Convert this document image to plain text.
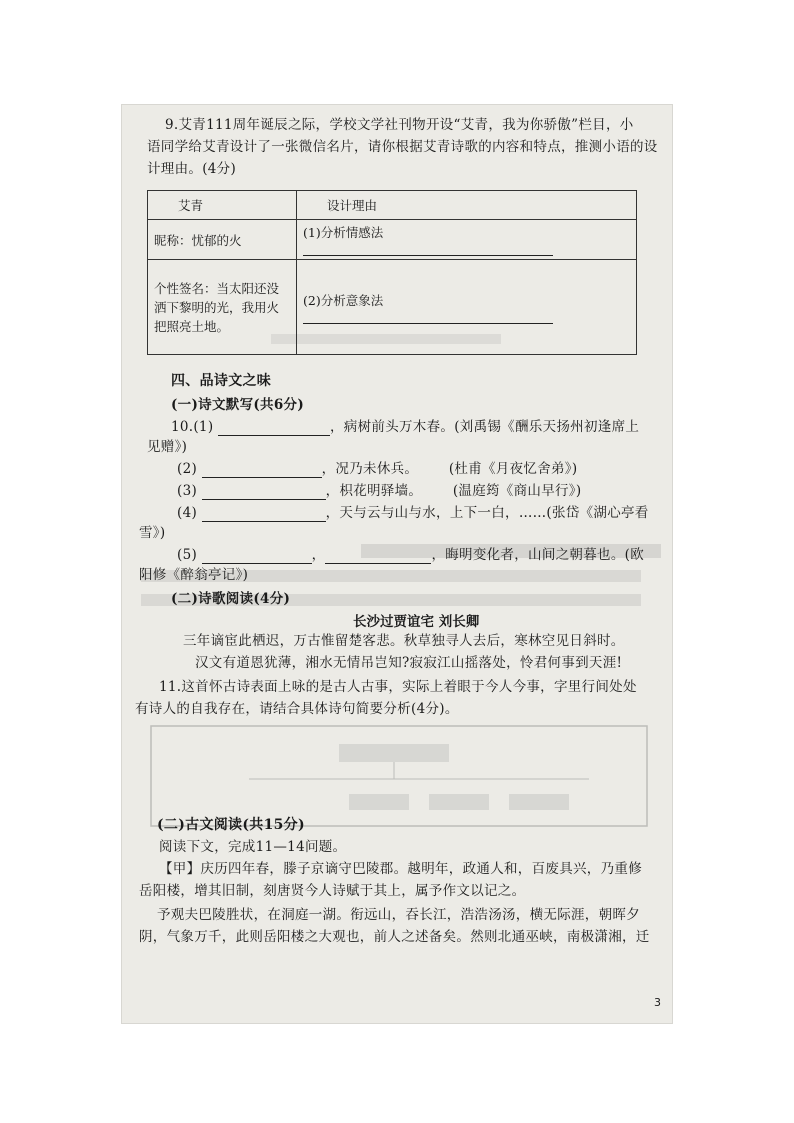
9.艾青111周年诞辰之际，学校文学社刊物开设“艾青，我为你骄傲”栏目，小
语同学给艾青设计了一张微信名片，请你根据艾青诗歌的内容和特点，推测小语的设
计理由。(4分)
艾青	设计理由
昵称：忧郁的火	(1)分析情感法
个性签名：当太阳还没洒下黎明的光，我用火把照亮土地。	(2)分析意象法
四、品诗文之味
(一)诗文默写(共6分)
10.(1)	，病树前头万木春。(刘禹锡《酬乐天扬州初逢席上
见赠》)
(2)	，况乃未休兵。 (杜甫《月夜忆舍弟》)
(3)	，枳花明驿墙。 (温庭筠《商山早行》)
(4)	，天与云与山与水，上下一白，……(张岱《湖心亭看
雪》)
(5)	，	，晦明变化者，山间之朝暮也。(欧
阳修《醉翁亭记》)
(二)诗歌阅读(4分)
长沙过贾谊宅 刘长卿
三年谪宦此栖迟，万古惟留楚客悲。秋草独寻人去后，寒林空见日斜时。
汉文有道恩犹薄，湘水无情吊岂知?寂寂江山摇落处，怜君何事到天涯!
11.这首怀古诗表面上咏的是古人古事，实际上着眼于今人今事，字里行间处处
有诗人的自我存在，请结合具体诗句简要分析(4分)。
(二)古文阅读(共15分)
阅读下文，完成11—14问题。
【甲】庆历四年春，滕子京谪守巴陵郡。越明年，政通人和，百废具兴，乃重修
岳阳楼，增其旧制，刻唐贤今人诗赋于其上，属予作文以记之。
予观夫巴陵胜状，在洞庭一湖。衔远山，吞长江，浩浩汤汤，横无际涯，朝晖夕
阴，气象万千，此则岳阳楼之大观也，前人之述备矣。然则北通巫峡，南极潇湘，迁
3
